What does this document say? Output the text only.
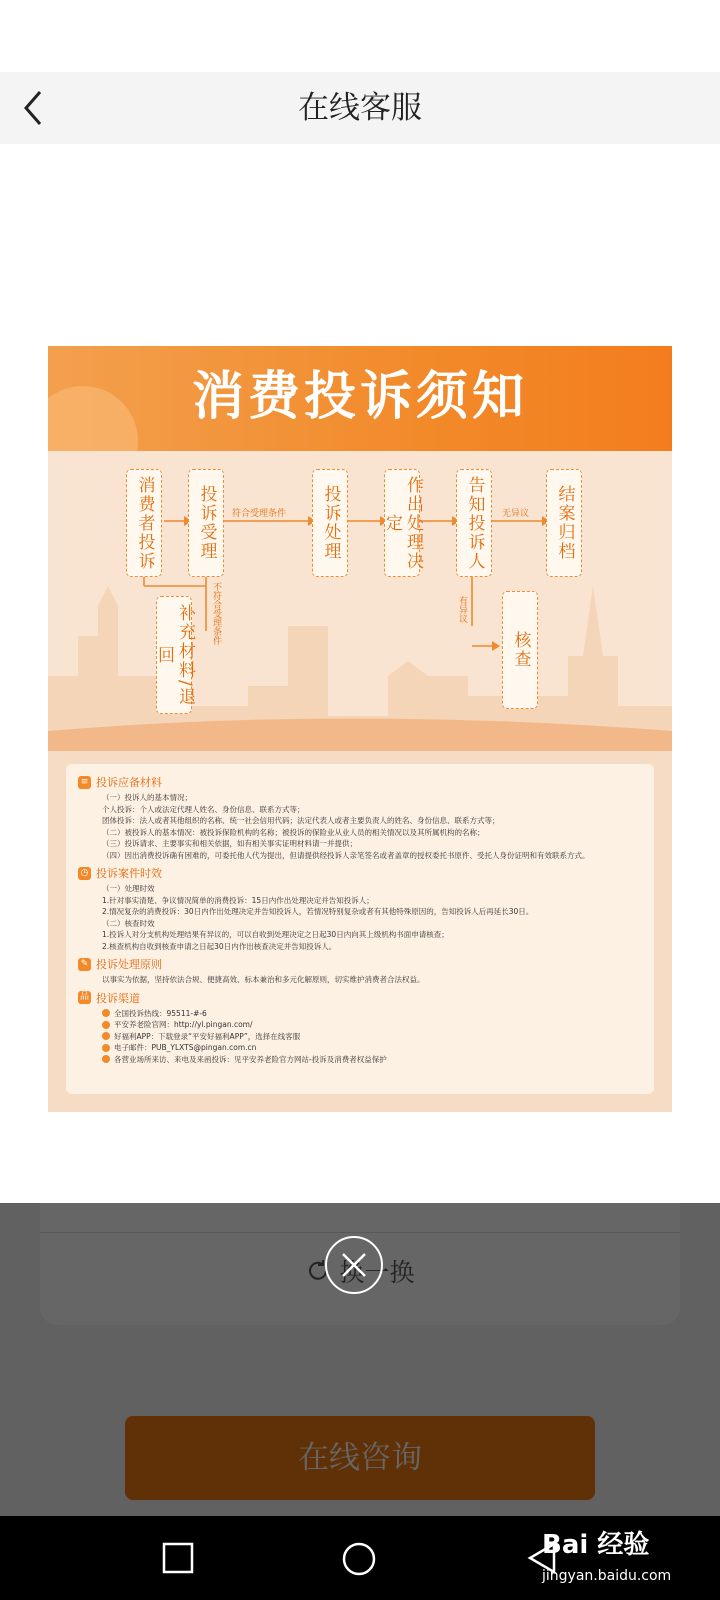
在线客服
消费投诉须知
消费者投诉	投诉受理	投诉处理	作出处理决定	告知投诉人	结案归档
补充材料/退回	核查
符合受理条件	无异议
不符合受理条件	有异议
≡ 投诉应备材料
（一）投诉人的基本情况；
个人投诉：个人或法定代理人姓名、身份信息、联系方式等；
团体投诉：法人或者其他组织的名称、统一社会信用代码；法定代表人或者主要负责人的姓名、身份信息、联系方式等；
（二）被投诉人的基本情况：被投诉保险机构的名称；被投诉的保险业从业人员的相关情况以及其所属机构的名称；
（三）投诉请求、主要事实和相关依据，如有相关事实证明材料请一并提供；
（四）因出消费投诉确有困难的，可委托他人代为提出，但请提供经投诉人亲笔签名或者盖章的授权委托书原件、受托人身份证明和有效联系方式。
◷ 投诉案件时效
（一）处理时效
1.针对事实清楚、争议情况简单的消费投诉：15日内作出处理决定并告知投诉人；
2.情况复杂的消费投诉：30日内作出处理决定并告知投诉人，若情况特别复杂或者有其他特殊原因的，告知投诉人后再延长30日。
（二）核查时效
1.投诉人对分支机构处理结果有异议的，可以自收到处理决定之日起30日内向其上级机构书面申请核查；
2.核查机构自收到核查申请之日起30日内作出核查决定并告知投诉人。
✎ 投诉处理原则
以事实为依据，坚持依法合规、便捷高效、标本兼治和多元化解原则，切实维护消费者合法权益。
品 投诉渠道
全国投诉热线：95511-#-6
平安养老险官网：http://yl.pingan.com/
好福利APP：下载登录“平安好福利APP”，选择在线客服
电子邮件：PUB_YLXTS@pingan.com.cn
各营业场所来访、来电及来函投诉：见平安养老险官方网站-投诉及消费者权益保护
Bai 经验
jingyan.baidu.com
